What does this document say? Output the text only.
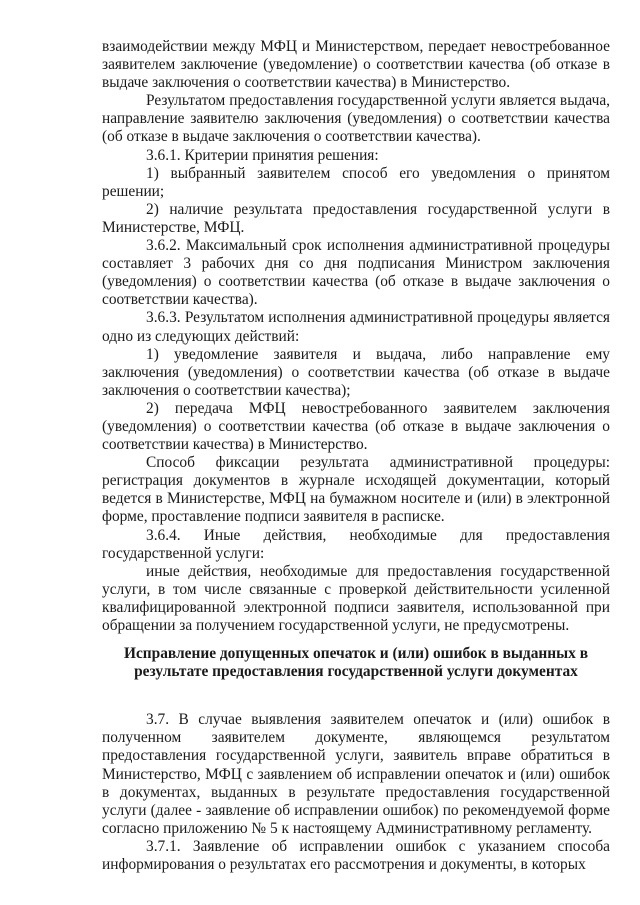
взаимодействии между МФЦ и Министерством, передает невостребованное заявителем заключение (уведомление) о соответствии качества (об отказе в выдаче заключения о соответствии качества) в Министерство.

Результатом предоставления государственной услуги является выдача, направление заявителю заключения (уведомления) о соответствии качества (об отказе в выдаче заключения о соответствии качества).

3.6.1. Критерии принятия решения:

1) выбранный заявителем способ его уведомления о принятом решении;

2) наличие результата предоставления государственной услуги в Министерстве, МФЦ.

3.6.2. Максимальный срок исполнения административной процедуры составляет 3 рабочих дня со дня подписания Министром заключения (уведомления) о соответствии качества (об отказе в выдаче заключения о соответствии качества).

3.6.3. Результатом исполнения административной процедуры является одно из следующих действий:

1) уведомление заявителя и выдача, либо направление ему заключения (уведомления) о соответствии качества (об отказе в выдаче заключения о соответствии качества);

2) передача МФЦ невостребованного заявителем заключения (уведомления) о соответствии качества (об отказе в выдаче заключения о соответствии качества) в Министерство.

Способ фиксации результата административной процедуры: регистрация документов в журнале исходящей документации, который ведется в Министерстве, МФЦ на бумажном носителе и (или) в электронной форме, проставление подписи заявителя в расписке.

3.6.4. Иные действия, необходимые для предоставления государственной услуги:

иные действия, необходимые для предоставления государственной услуги, в том числе связанные с проверкой действительности усиленной квалифицированной электронной подписи заявителя, использованной при обращении за получением государственной услуги, не предусмотрены.

Исправление допущенных опечаток и (или) ошибок в выданных в
результате предоставления государственной услуги документах

3.7. В случае выявления заявителем опечаток и (или) ошибок в полученном заявителем документе, являющемся результатом предоставления государственной услуги, заявитель вправе обратиться в Министерство, МФЦ с заявлением об исправлении опечаток и (или) ошибок в документах, выданных в результате предоставления государственной услуги (далее - заявление об исправлении ошибок) по рекомендуемой форме согласно приложению № 5 к настоящему Административному регламенту.

3.7.1. Заявление об исправлении ошибок с указанием способа информирования о результатах его рассмотрения и документы, в которых
